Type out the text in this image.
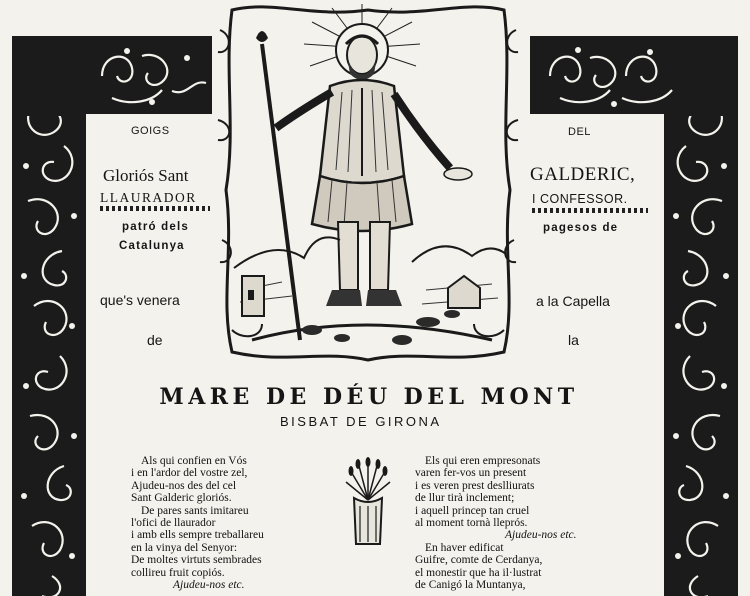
GOIGS	DEL
Gloriós Sant	GALDERIC,
LLAURADOR	I CONFESSOR.
patró dels	pagesos de
Catalunya
que's venera	a la Capella
de	la
MARE DE DÉU DEL MONT
BISBAT DE GIRONA
Als qui confien en Vós
i en l'ardor del vostre zel,
Ajudeu-nos des del cel
Sant Galderic gloriós.
De pares sants imitareu
l'ofici de llaurador
i amb ells sempre treballareu
en la vinya del Senyor:
De moltes virtuts sembrades
collireu fruit copiós.
Ajudeu-nos etc.
Els qui eren empresonats
varen fer-vos un present
i es veren prest deslliurats
de llur tirà inclement;
i aquell princep tan cruel
al moment tornà lleprós.
Ajudeu-nos etc.
En haver edificat
Guifre, comte de Cerdanya,
el monestir que ha il·lustrat
de Canigó la Muntanya,
